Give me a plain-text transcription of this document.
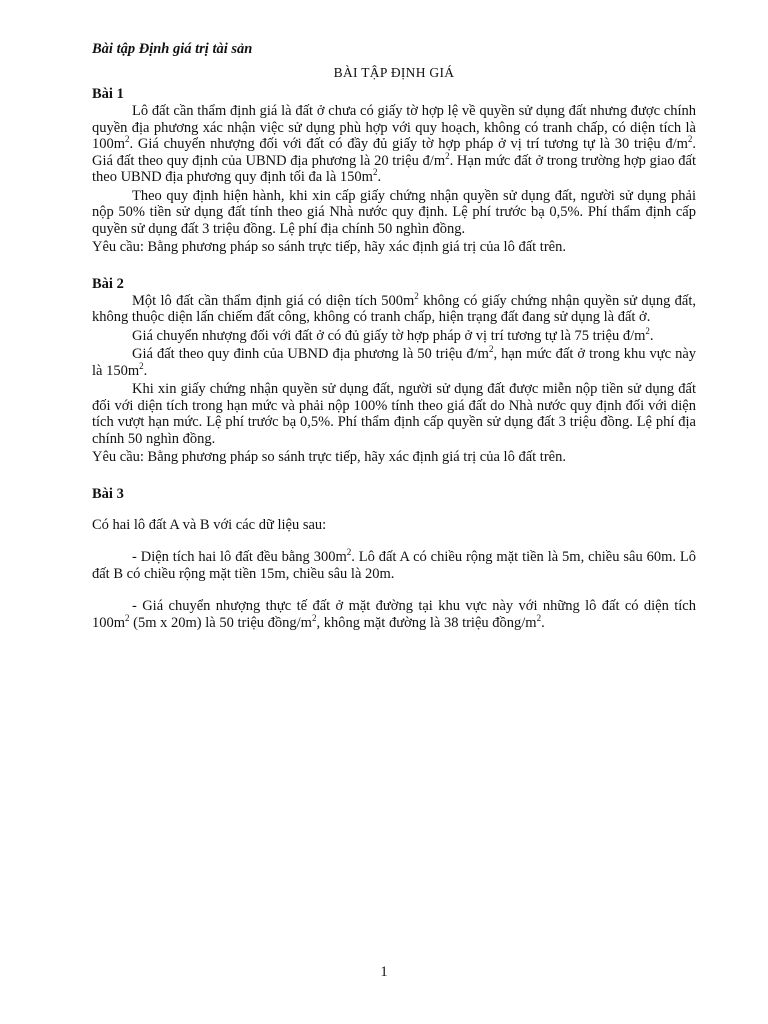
Bài tập Định giá trị tài sản
BÀI TẬP ĐỊNH GIÁ
Bài 1

Lô đất cần thẩm định giá là đất ở chưa có giấy tờ hợp lệ về quyền sử dụng đất nhưng được chính quyền địa phương xác nhận việc sử dụng phù hợp với quy hoạch, không có tranh chấp, có diện tích là $100m^2$. Giá chuyển nhượng đối với đất có đầy đủ giấy tờ hợp pháp ở vị trí tương tự là 30 triệu $đ/m^2$. Giá đất theo quy định của UBND địa phương là 20 triệu $đ/m^2$. Hạn mức đất ở trong trường hợp giao đất theo UBND địa phương quy định tối đa là $150m^2$.

Theo quy định hiện hành, khi xin cấp giấy chứng nhận quyền sử dụng đất, người sử dụng phải nộp 50% tiền sử dụng đất tính theo giá Nhà nước quy định. Lệ phí trước bạ 0,5%. Phí thẩm định cấp quyền sử dụng đất 3 triệu đồng. Lệ phí địa chính 50 nghìn đồng.

Yêu cầu: Bằng phương pháp so sánh trực tiếp, hãy xác định giá trị của lô đất trên.

Bài 2

Một lô đất cần thẩm định giá có diện tích $500m^2$ không có giấy chứng nhận quyền sử dụng đất, không thuộc diện lấn chiếm đất công, không có tranh chấp, hiện trạng đất đang sử dụng là đất ở.

Giá chuyển nhượng đối với đất ở có đủ giấy tờ hợp pháp ở vị trí tương tự là 75 triệu $đ/m^2$.

Giá đất theo quy đinh của UBND địa phương là 50 triệu $đ/m^2$, hạn mức đất ở trong khu vực này là $150m^2$.

Khi xin giấy chứng nhận quyền sử dụng đất, người sử dụng đất được miễn nộp tiền sử dụng đất đối với diện tích trong hạn mức và phải nộp 100% tính theo giá đất do Nhà nước quy định đối với diện tích vượt hạn mức. Lệ phí trước bạ 0,5%. Phí thẩm định cấp quyền sử dụng đất 3 triệu đồng. Lệ phí địa chính 50 nghìn đồng.

Yêu cầu: Bằng phương pháp so sánh trực tiếp, hãy xác định giá trị của lô đất trên.

Bài 3

Có hai lô đất A và B với các dữ liệu sau:

- Diện tích hai lô đất đều bằng $300m^2$. Lô đất A có chiều rộng mặt tiền là 5m, chiều sâu 60m. Lô đất B có chiều rộng mặt tiền 15m, chiều sâu là 20m.

- Giá chuyển nhượng thực tế đất ở mặt đường tại khu vực này với những lô đất có diện tích $100m^2$ (5m x 20m) là 50 triệu đồng/$m^2$, không mặt đường là 38 triệu đồng/$m^2$.

1
